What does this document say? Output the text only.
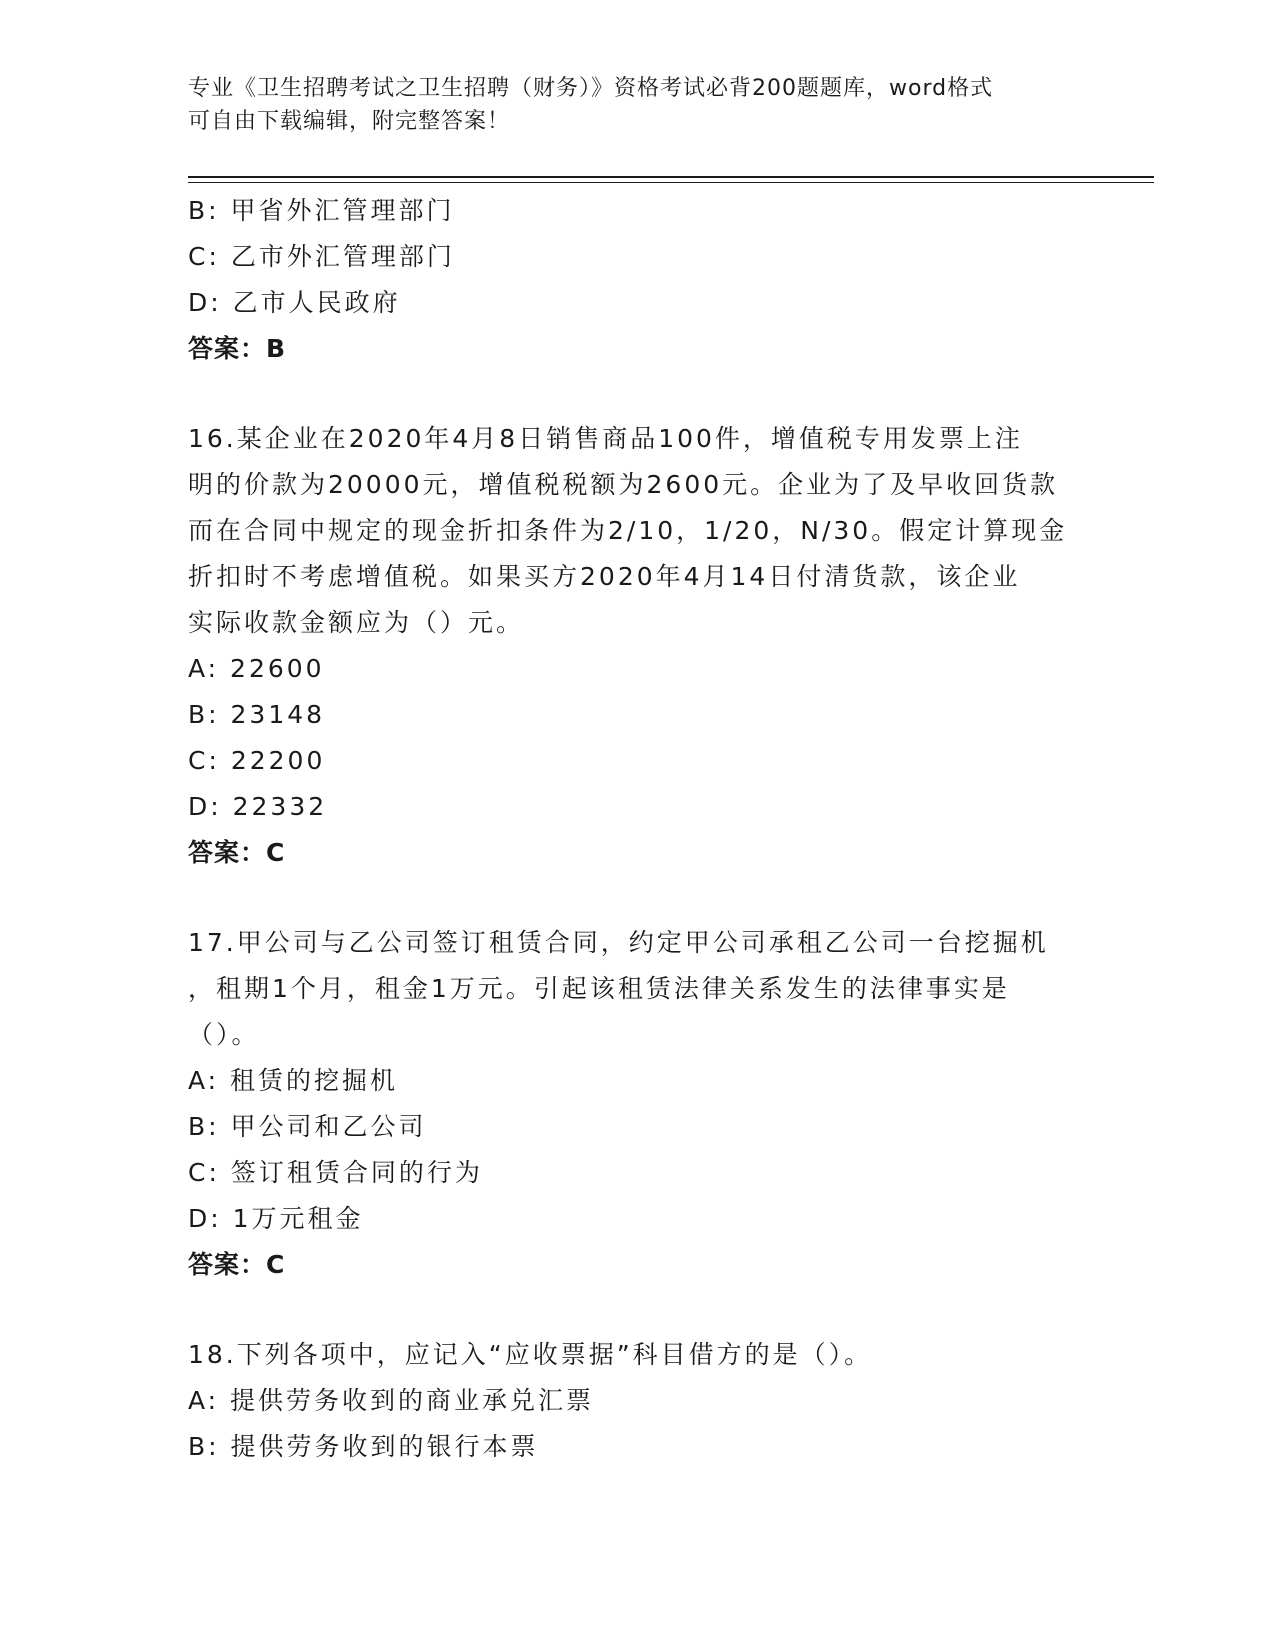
专业《卫生招聘考试之卫生招聘（财务）》资格考试必背200题题库，word格式
可自由下载编辑，附完整答案！
B: 甲省外汇管理部门
C: 乙市外汇管理部门
D: 乙市人民政府
答案：B
16.某企业在2020年4月8日销售商品100件，增值税专用发票上注
明的价款为20000元，增值税税额为2600元。企业为了及早收回货款
而在合同中规定的现金折扣条件为2/10，1/20，N/30。假定计算现金
折扣时不考虑增值税。如果买方2020年4月14日付清货款，该企业
实际收款金额应为（）元。
A: 22600
B: 23148
C: 22200
D: 22332
答案：C
17.甲公司与乙公司签订租赁合同，约定甲公司承租乙公司一台挖掘机
，租期1个月，租金1万元。引起该租赁法律关系发生的法律事实是
（）。
A: 租赁的挖掘机
B: 甲公司和乙公司
C: 签订租赁合同的行为
D: 1万元租金
答案：C
18.下列各项中，应记入“应收票据”科目借方的是（）。
A: 提供劳务收到的商业承兑汇票
B: 提供劳务收到的银行本票
